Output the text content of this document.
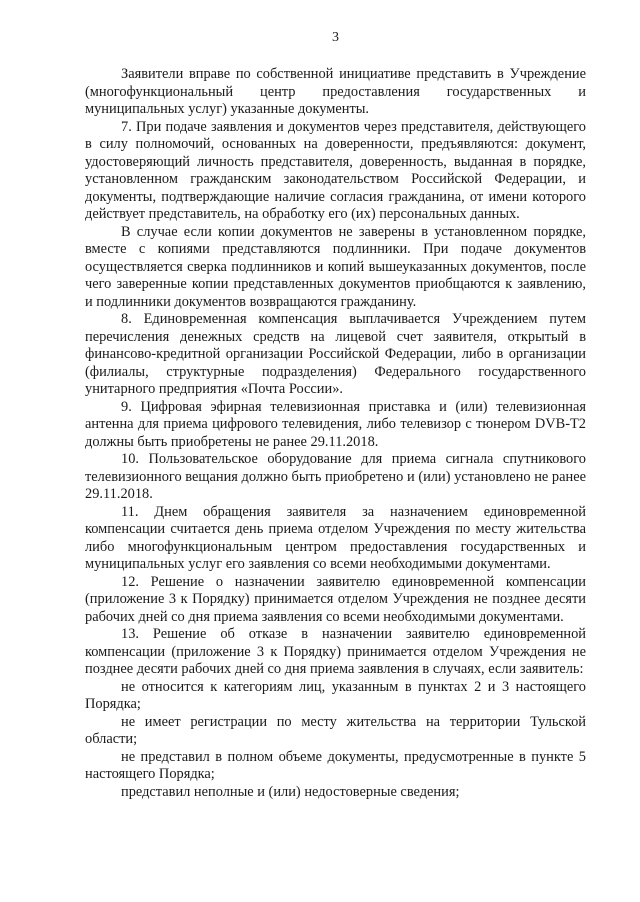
3

Заявители вправе по собственной инициативе представить в Учреждение (многофункциональный центр предоставления государственных и муниципальных услуг) указанные документы.

7. При подаче заявления и документов через представителя, действующего в силу полномочий, основанных на доверенности, предъявляются: документ, удостоверяющий личность представителя, доверенность, выданная в порядке, установленном гражданским законодательством Российской Федерации, и документы, подтверждающие наличие согласия гражданина, от имени которого действует представитель, на обработку его (их) персональных данных.

В случае если копии документов не заверены в установленном порядке, вместе с копиями представляются подлинники. При подаче документов осуществляется сверка подлинников и копий вышеуказанных документов, после чего заверенные копии представленных документов приобщаются к заявлению, и подлинники документов возвращаются гражданину.

8. Единовременная компенсация выплачивается Учреждением путем перечисления денежных средств на лицевой счет заявителя, открытый в финансово-кредитной организации Российской Федерации, либо в организации (филиалы, структурные подразделения) Федерального государственного унитарного предприятия «Почта России».

9. Цифровая эфирная телевизионная приставка и (или) телевизионная антенна для приема цифрового телевидения, либо телевизор с тюнером DVB-T2 должны быть приобретены не ранее 29.11.2018.

10. Пользовательское оборудование для приема сигнала спутникового телевизионного вещания должно быть приобретено и (или) установлено не ранее 29.11.2018.

11. Днем обращения заявителя за назначением единовременной компенсации считается день приема отделом Учреждения по месту жительства либо многофункциональным центром предоставления государственных и муниципальных услуг его заявления со всеми необходимыми документами.

12. Решение о назначении заявителю единовременной компенсации (приложение 3 к Порядку) принимается отделом Учреждения не позднее десяти рабочих дней со дня приема заявления со всеми необходимыми документами.

13. Решение об отказе в назначении заявителю единовременной компенсации (приложение 3 к Порядку) принимается отделом Учреждения не позднее десяти рабочих дней со дня приема заявления в случаях, если заявитель:

не относится к категориям лиц, указанным в пунктах 2 и 3 настоящего Порядка;

не имеет регистрации по месту жительства на территории Тульской области;

не представил в полном объеме документы, предусмотренные в пункте 5 настоящего Порядка;

представил неполные и (или) недостоверные сведения;
